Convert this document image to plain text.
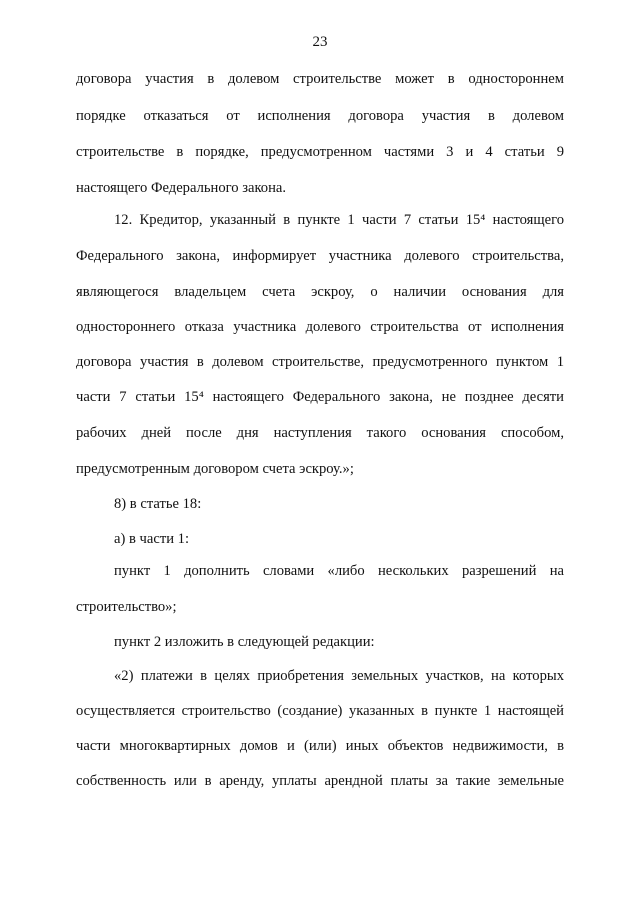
23
договора участия в долевом строительстве может в одностороннем
порядке отказаться от исполнения договора участия в долевом
строительстве в порядке, предусмотренном частями 3 и 4 статьи 9
настоящего Федерального закона.
12. Кредитор, указанный в пункте 1 части 7 статьи 15⁴ настоящего
Федерального закона, информирует участника долевого строительства,
являющегося владельцем счета эскроу, о наличии основания для
одностороннего отказа участника долевого строительства от исполнения
договора участия в долевом строительстве, предусмотренного пунктом 1
части 7 статьи 15⁴ настоящего Федерального закона, не позднее десяти
рабочих дней после дня наступления такого основания способом,
предусмотренным договором счета эскроу.»;
8) в статье 18:
а) в части 1:
пункт 1 дополнить словами «либо нескольких разрешений на
строительство»;
пункт 2 изложить в следующей редакции:
«2) платежи в целях приобретения земельных участков, на которых
осуществляется строительство (создание) указанных в пункте 1 настоящей
части многоквартирных домов и (или) иных объектов недвижимости, в
собственность или в аренду, уплаты арендной платы за такие земельные
